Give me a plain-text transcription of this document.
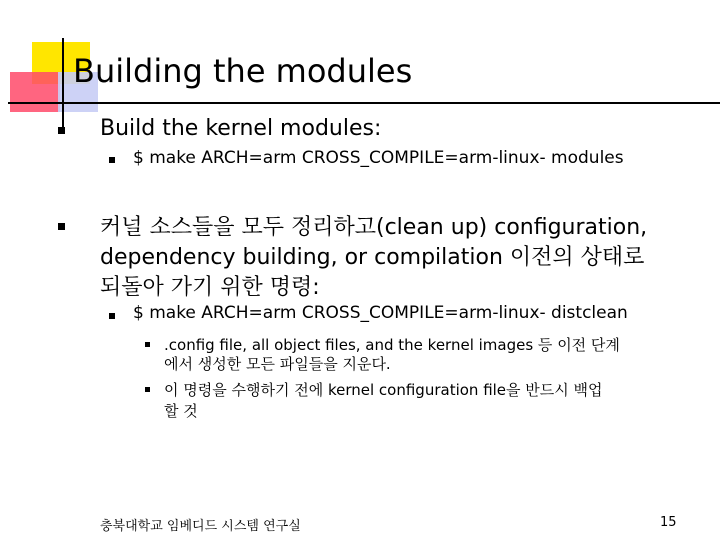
Building the modules
Build the kernel modules:
$ make ARCH=arm CROSS_COMPILE=arm-linux- modules
커널 소스들을 모두 정리하고(clean up) configuration,
dependency building, or compilation 이전의 상태로
되돌아 가기 위한 명령:
$ make ARCH=arm CROSS_COMPILE=arm-linux- distclean
.config file, all object files, and the kernel images 등 이전 단계
에서 생성한 모든 파일들을 지운다.
이 명령을 수행하기 전에 kernel configuration file을 반드시 백업
할 것
충북대학교 임베디드 시스템 연구실	15
